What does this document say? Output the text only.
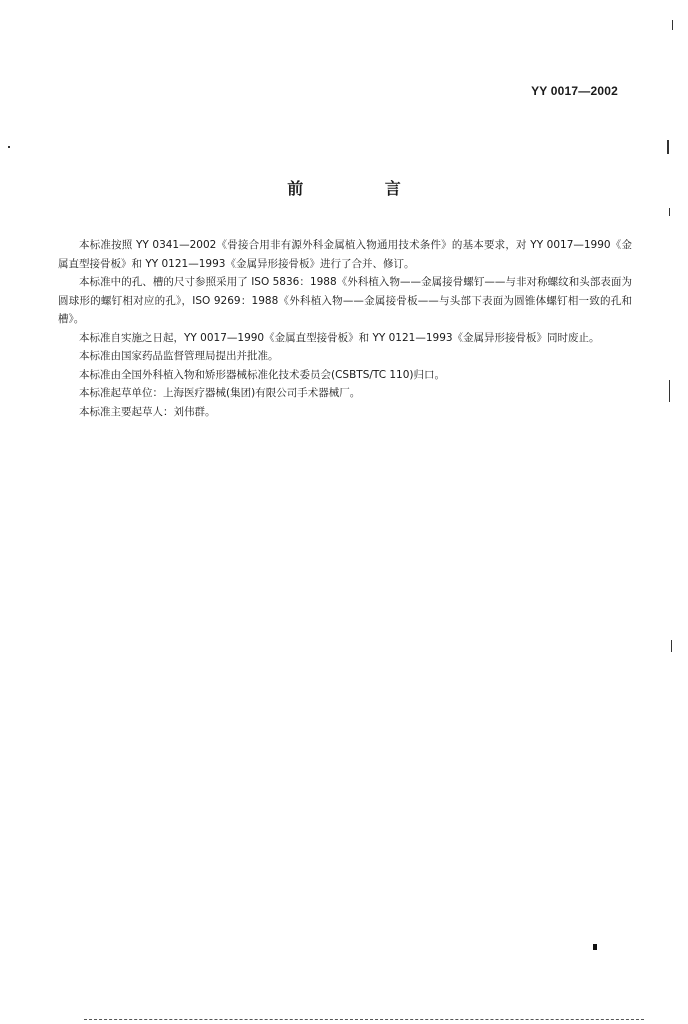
YY 0017—2002
前 言

本标准按照 YY 0341—2002《骨接合用非有源外科金属植入物通用技术条件》的基本要求，对 YY 0017—1990《金属直型接骨板》和 YY 0121—1993《金属异形接骨板》进行了合并、修订。

本标准中的孔、槽的尺寸参照采用了 ISO 5836：1988《外科植入物——金属接骨螺钉——与非对称螺纹和头部表面为圆球形的螺钉相对应的孔》，ISO 9269：1988《外科植入物——金属接骨板——与头部下表面为圆锥体螺钉相一致的孔和槽》。

本标准自实施之日起，YY 0017—1990《金属直型接骨板》和 YY 0121—1993《金属异形接骨板》同时废止。

本标准由国家药品监督管理局提出并批准。

本标准由全国外科植入物和矫形器械标准化技术委员会(CSBTS/TC 110)归口。

本标准起草单位：上海医疗器械(集团)有限公司手术器械厂。

本标准主要起草人：刘伟群。
